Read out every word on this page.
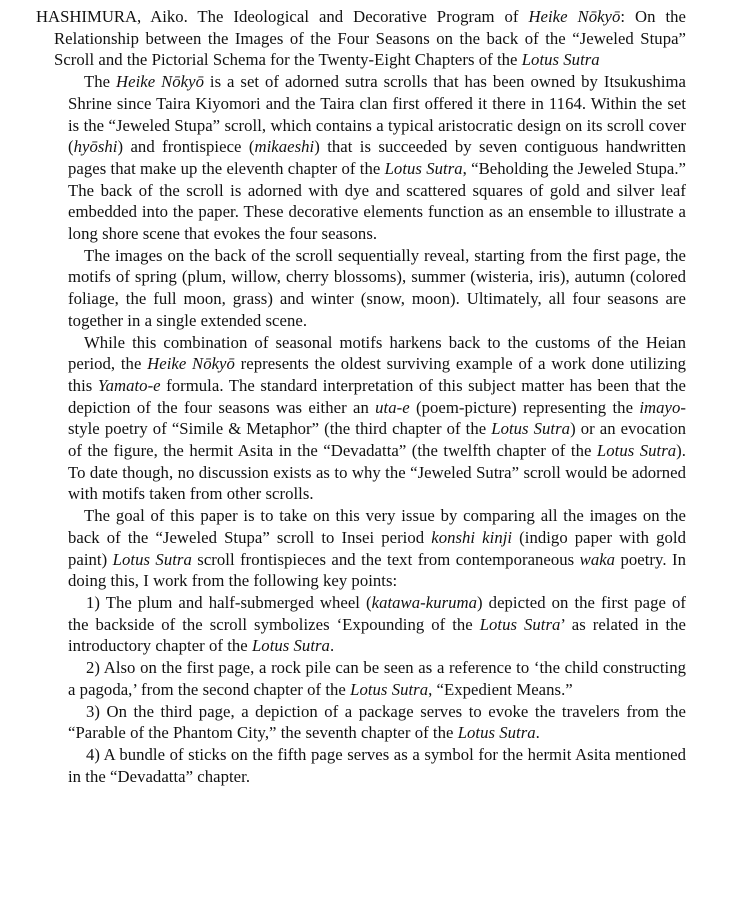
HASHIMURA, Aiko. The Ideological and Decorative Program of Heike Nōkyō: On the Relationship between the Images of the Four Seasons on the back of the “Jeweled Stupa” Scroll and the Pictorial Schema for the Twenty-Eight Chapters of the Lotus Sutra

The Heike Nōkyō is a set of adorned sutra scrolls that has been owned by Itsukushima Shrine since Taira Kiyomori and the Taira clan first offered it there in 1164. Within the set is the “Jeweled Stupa” scroll, which contains a typical aristocratic design on its scroll cover (hyōshi) and frontispiece (mikaeshi) that is succeeded by seven contiguous handwritten pages that make up the eleventh chapter of the Lotus Sutra, “Beholding the Jeweled Stupa.” The back of the scroll is adorned with dye and scattered squares of gold and silver leaf embedded into the paper. These decorative elements function as an ensemble to illustrate a long shore scene that evokes the four seasons.

The images on the back of the scroll sequentially reveal, starting from the first page, the motifs of spring (plum, willow, cherry blossoms), summer (wisteria, iris), autumn (colored foliage, the full moon, grass) and winter (snow, moon). Ultimately, all four seasons are together in a single extended scene.

While this combination of seasonal motifs harkens back to the customs of the Heian period, the Heike Nōkyō represents the oldest surviving example of a work done utilizing this Yamato-e formula. The standard interpretation of this subject matter has been that the depiction of the four seasons was either an uta-e (poem-picture) representing the imayo-style poetry of “Simile & Metaphor” (the third chapter of the Lotus Sutra) or an evocation of the figure, the hermit Asita in the “Devadatta” (the twelfth chapter of the Lotus Sutra). To date though, no discussion exists as to why the “Jeweled Sutra” scroll would be adorned with motifs taken from other scrolls.

The goal of this paper is to take on this very issue by comparing all the images on the back of the “Jeweled Stupa” scroll to Insei period konshi kinji (indigo paper with gold paint) Lotus Sutra scroll frontispieces and the text from contemporaneous waka poetry. In doing this, I work from the following key points:

1) The plum and half-submerged wheel (katawa-kuruma) depicted on the first page of the backside of the scroll symbolizes ‘Expounding of the Lotus Sutra’ as related in the introductory chapter of the Lotus Sutra.

2) Also on the first page, a rock pile can be seen as a reference to ‘the child constructing a pagoda,’ from the second chapter of the Lotus Sutra, “Expedient Means.”

3) On the third page, a depiction of a package serves to evoke the travelers from the “Parable of the Phantom City,” the seventh chapter of the Lotus Sutra.

4) A bundle of sticks on the fifth page serves as a symbol for the hermit Asita mentioned in the “Devadatta” chapter.
